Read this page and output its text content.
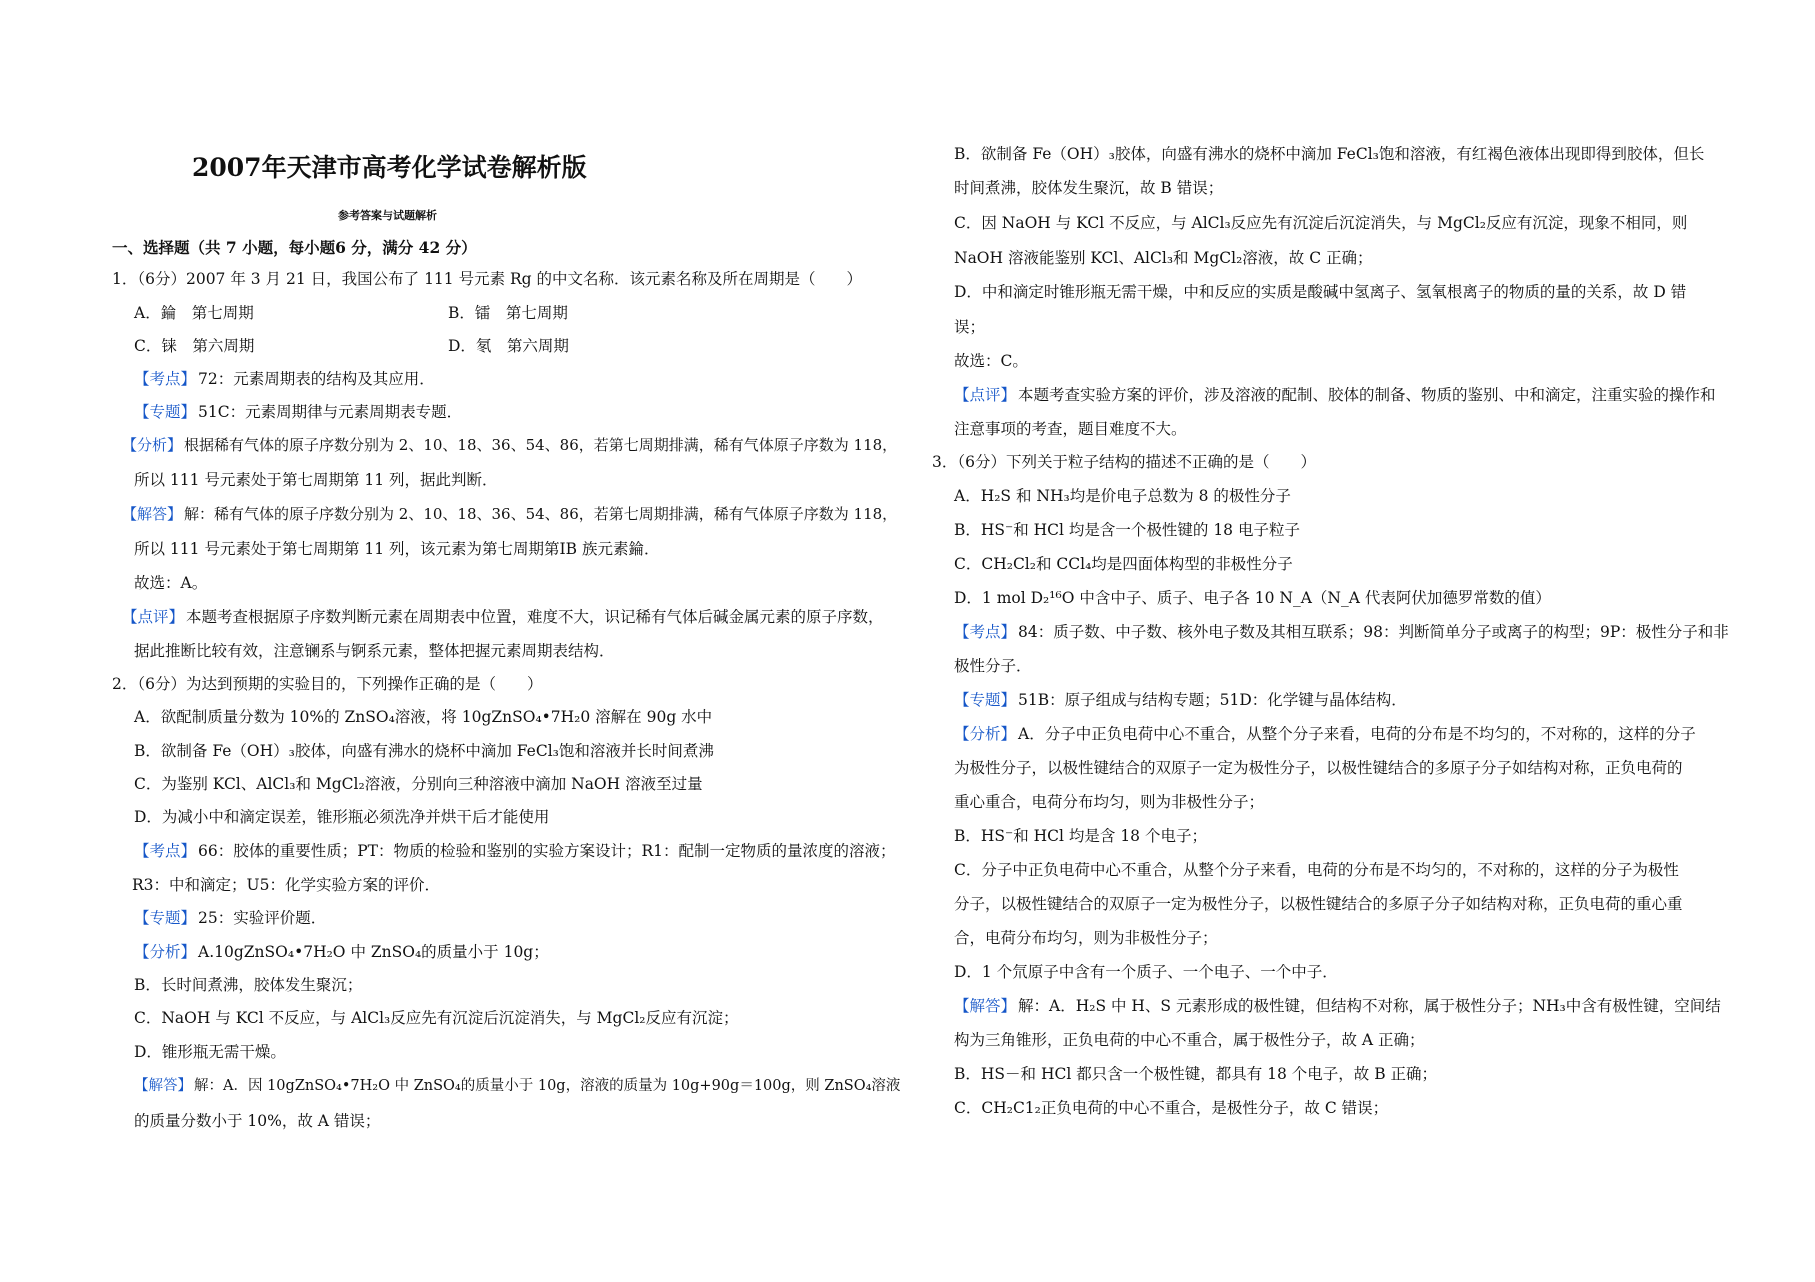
2007年天津市高考化学试卷解析版
参考答案与试题解析
一、选择题（共 7 小题，每小题6 分，满分 42 分）
1．（6分）2007 年 3 月 21 日，我国公布了 111 号元素 Rg 的中文名称．该元素名称及所在周期是（　　）
A．錀　第七周期	B．镭　第七周期
C．铼　第六周期	D．氡　第六周期
【考点】 72：元素周期表的结构及其应用．
【专题】 51C：元素周期律与元素周期表专题．
【分析】 根据稀有气体的原子序数分别为 2、10、18、36、54、86，若第七周期排满，稀有气体原子序数为 118，
所以 111 号元素处于第七周期第 11 列，据此判断．
【解答】 解：稀有气体的原子序数分别为 2、10、18、36、54、86，若第七周期排满，稀有气体原子序数为 118，
所以 111 号元素处于第七周期第 11 列，该元素为第七周期第ⅠB 族元素錀．
故选：A。
【点评】 本题考查根据原子序数判断元素在周期表中位置，难度不大，识记稀有气体后碱金属元素的原子序数，
据此推断比较有效，注意镧系与锕系元素，整体把握元素周期表结构．
2．（6分）为达到预期的实验目的，下列操作正确的是（　　）
A．欲配制质量分数为 10%的 ZnSO₄溶液，将 10gZnSO₄•7H₂0 溶解在 90g 水中
B．欲制备 Fe（OH）₃胶体，向盛有沸水的烧杯中滴加 FeCl₃饱和溶液并长时间煮沸
C．为鉴别 KCl、AlCl₃和 MgCl₂溶液，分别向三种溶液中滴加 NaOH 溶液至过量
D．为减小中和滴定误差，锥形瓶必须洗净并烘干后才能使用
【考点】 66：胶体的重要性质；PT：物质的检验和鉴别的实验方案设计；R1：配制一定物质的量浓度的溶液；
R3：中和滴定；U5：化学实验方案的评价．
【专题】 25：实验评价题．
【分析】 A.10gZnSO₄•7H₂O 中 ZnSO₄的质量小于 10g；
B．长时间煮沸，胶体发生聚沉；
C．NaOH 与 KCl 不反应，与 AlCl₃反应先有沉淀后沉淀消失，与 MgCl₂反应有沉淀；
D．锥形瓶无需干燥。
【解答】 解：A．因 10gZnSO₄•7H₂O 中 ZnSO₄的质量小于 10g，溶液的质量为 10g+90g＝100g，则 ZnSO₄溶液
的质量分数小于 10%，故 A 错误；
B．欲制备 Fe（OH）₃胶体，向盛有沸水的烧杯中滴加 FeCl₃饱和溶液，有红褐色液体出现即得到胶体，但长
时间煮沸，胶体发生聚沉，故 B 错误；
C．因 NaOH 与 KCl 不反应，与 AlCl₃反应先有沉淀后沉淀消失，与 MgCl₂反应有沉淀，现象不相同，则
NaOH 溶液能鉴别 KCl、AlCl₃和 MgCl₂溶液，故 C 正确；
D．中和滴定时锥形瓶无需干燥，中和反应的实质是酸碱中氢离子、氢氧根离子的物质的量的关系，故 D 错
误；
故选：C。
【点评】 本题考查实验方案的评价，涉及溶液的配制、胶体的制备、物质的鉴别、中和滴定，注重实验的操作和
注意事项的考查，题目难度不大。
3．（6分）下列关于粒子结构的描述不正确的是（　　）
A．H₂S 和 NH₃均是价电子总数为 8 的极性分子
B．HS⁻和 HCl 均是含一个极性键的 18 电子粒子
C．CH₂Cl₂和 CCl₄均是四面体构型的非极性分子
D．1 mol D₂¹⁶O 中含中子、质子、电子各 10 N_A（N_A 代表阿伏加德罗常数的值）
【考点】 84：质子数、中子数、核外电子数及其相互联系；98：判断简单分子或离子的构型；9P：极性分子和非
极性分子．
【专题】 51B：原子组成与结构专题；51D：化学键与晶体结构．
【分析】 A．分子中正负电荷中心不重合，从整个分子来看，电荷的分布是不均匀的，不对称的，这样的分子
为极性分子，以极性键结合的双原子一定为极性分子，以极性键结合的多原子分子如结构对称，正负电荷的
重心重合，电荷分布均匀，则为非极性分子；
B．HS⁻和 HCl 均是含 18 个电子；
C．分子中正负电荷中心不重合，从整个分子来看，电荷的分布是不均匀的，不对称的，这样的分子为极性
分子，以极性键结合的双原子一定为极性分子，以极性键结合的多原子分子如结构对称，正负电荷的重心重
合，电荷分布均匀，则为非极性分子；
D．1 个氘原子中含有一个质子、一个电子、一个中子．
【解答】 解：A．H₂S 中 H、S 元素形成的极性键，但结构不对称，属于极性分子；NH₃中含有极性键，空间结
构为三角锥形，正负电荷的中心不重合，属于极性分子，故 A 正确；
B．HS－和 HCl 都只含一个极性键，都具有 18 个电子，故 B 正确；
C．CH₂C1₂正负电荷的中心不重合，是极性分子，故 C 错误；
